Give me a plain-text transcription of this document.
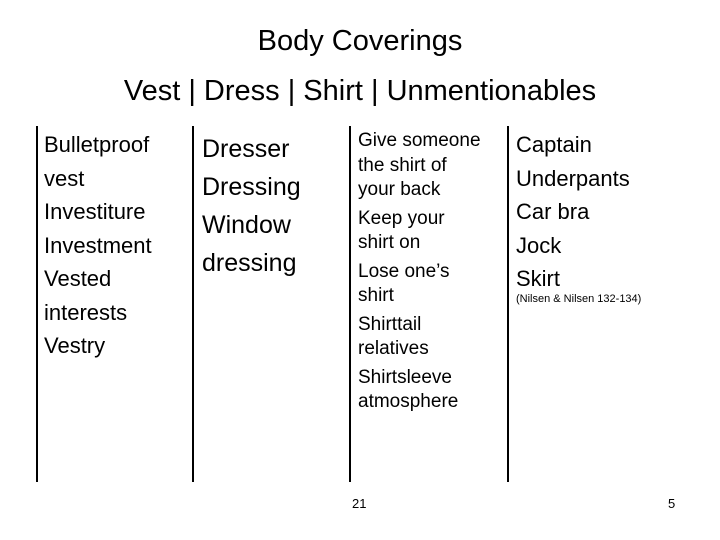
Body Coverings
Vest | Dress | Shirt | Unmentionables
Bulletproof
vest
Investiture
Investment
Vested
interests
Vestry
Dresser
Dressing
Window
dressing
Give someone
the shirt of
your back
Keep your
shirt on
Lose one’s
shirt
Shirttail
relatives
Shirtsleeve
atmosphere
Captain
Underpants
Car bra
Jock
Skirt
(Nilsen & Nilsen 132-134)
21	5
